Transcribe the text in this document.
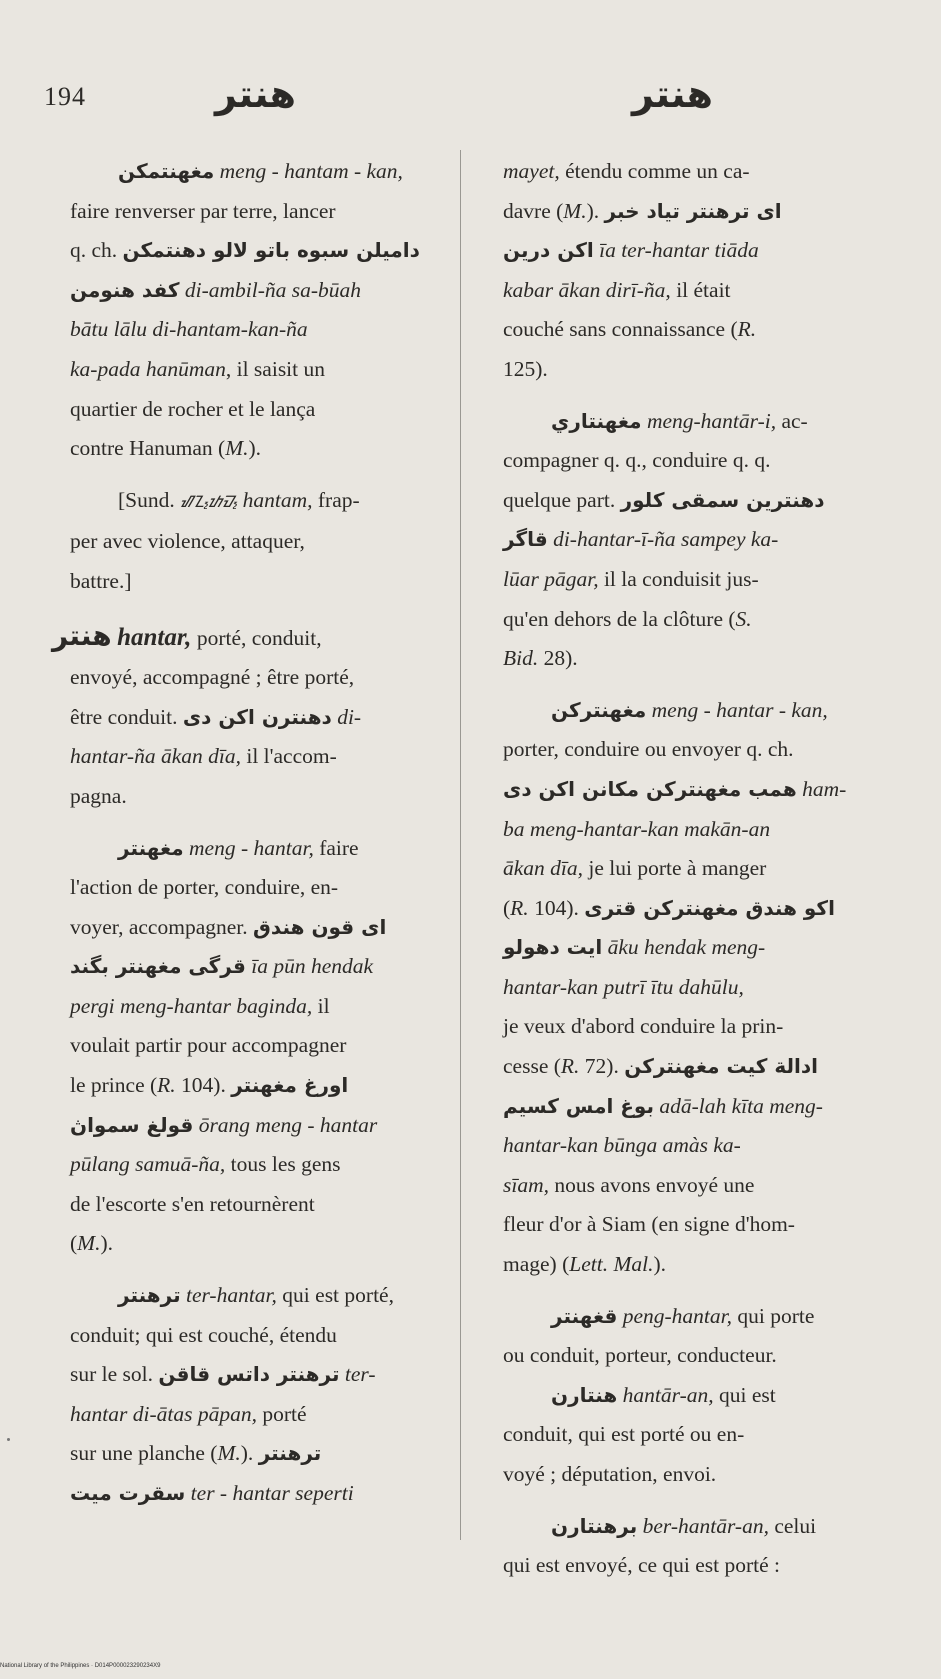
194	هنتر	هنتر

مغهنتمكن meng - hantam - kan,
faire renverser par terre, lancer
q. ch. داميلن سبوه باتو لالو دهنتمكن
كفد هنومن di-ambil-ña sa-būah
bātu lālu di-hantam-kan-ña
ka-pada hanūman, il saisit un
quartier de rocher et le lança
contre Hanuman (M.).

[Sund. ᮠᮔ᮪ᮒᮙ᮪ hantam, frap-
per avec violence, attaquer,
battre.]

هنتر hantar, porté, conduit,

envoyé, accompagné ; être porté,
être conduit. دهنترن اكن دى di-
hantar-ña ākan dīa, il l'accom-
pagna.

مغهنتر meng - hantar, faire
l'action de porter, conduire, en-
voyer, accompagner. اى قون هندق
قرگى مغهنتر بگند īa pūn hendak
pergi meng-hantar baginda, il
voulait partir pour accompagner
le prince (R. 104). اورغ مغهنتر
قولغ سمواڽ ōrang meng - hantar
pūlang samuā-ña, tous les gens
de l'escorte s'en retournèrent
(M.).

ترهنتر ter-hantar, qui est porté,
conduit; qui est couché, étendu
sur le sol. ترهنتر داتس قاقن ter-
hantar di-ātas pāpan, porté
sur une planche (M.). ترهنتر
سقرت ميت ter - hantar seperti

mayet, étendu comme un ca-
davre (M.). اى ترهنتر تياد خبر
اكن درين īa ter-hantar tiāda
kabar ākan dirī-ña, il était
couché sans connaissance (R.
125).

مغهنتاري meng-hantār-i, ac-
compagner q. q., conduire q. q.
quelque part. دهنترين سمقى كلور
قاگر di-hantar-ī-ña sampey ka-
lūar pāgar, il la conduisit jus-
qu'en dehors de la clôture (S.
Bid. 28).

مغهنتركن meng - hantar - kan,
porter, conduire ou envoyer q. ch.
همب مغهنتركن مكانن اكن دى ham-
ba meng-hantar-kan makān-an
ākan dīa, je lui porte à manger
(R. 104). اكو هندق مغهنتركن قترى
ايت دهولو āku hendak meng-
hantar-kan putrī ītu dahūlu,
je veux d'abord conduire la prin-
cesse (R. 72). ادالة كيت مغهنتركن
بوغ امس كسيم adā-lah kīta meng-
hantar-kan būnga amàs ka-
sīam, nous avons envoyé une
fleur d'or à Siam (en signe d'hom-
mage) (Lett. Mal.).

قغهنتر peng-hantar, qui porte
ou conduit, porteur, conducteur.

هنتارن hantār-an, qui est
conduit, qui est porté ou en-
voyé ; députation, envoi.

برهنتارن ber-hantār-an, celui
qui est envoyé, ce qui est porté :

National Library of the Philippines · D014P000023290234X9
